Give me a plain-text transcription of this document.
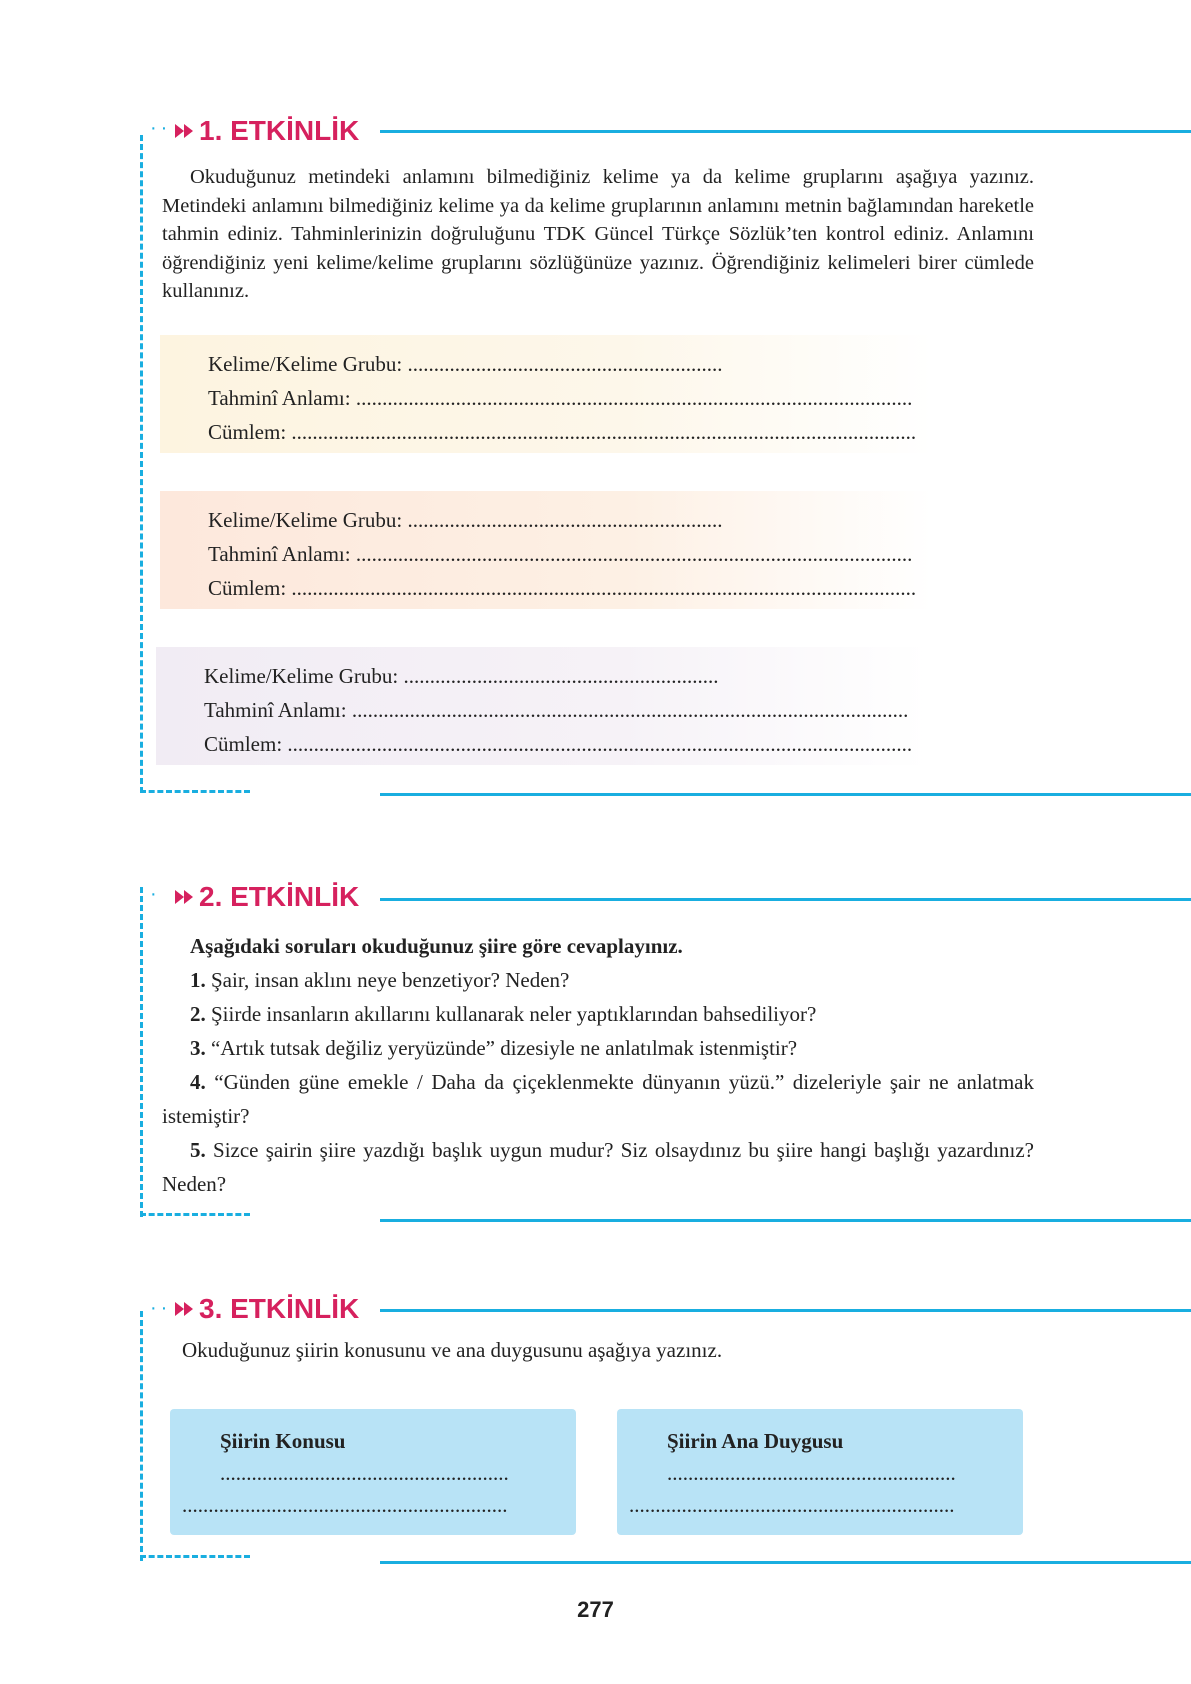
·· 1. ETKİNLİK
Okuduğunuz metindeki anlamını bilmediğiniz kelime ya da kelime gruplarını aşağıya yazınız. Metindeki anlamını bilmediğiniz kelime ya da kelime gruplarının anlamını metnin bağlamından hareketle tahmin ediniz. Tahminlerinizin doğruluğunu TDK Güncel Türkçe Sözlük’ten kontrol ediniz. Anlamını öğrendiğiniz yeni kelime/kelime gruplarını sözlüğünüze yazınız. Öğrendiğiniz kelimeleri birer cümlede kullanınız.
Kelime/Kelime Grubu: ............................................................
Tahminî Anlamı: ..........................................................................................................
Cümlem: .......................................................................................................................
Kelime/Kelime Grubu: ............................................................
Tahminî Anlamı: ..........................................................................................................
Cümlem: .......................................................................................................................
Kelime/Kelime Grubu: ............................................................
Tahminî Anlamı: ..........................................................................................................
Cümlem: .......................................................................................................................
· 2. ETKİNLİK

Aşağıdaki soruları okuduğunuz şiire göre cevaplayınız.

1. Şair, insan aklını neye benzetiyor? Neden?

2. Şiirde insanların akıllarını kullanarak neler yaptıklarından bahsediliyor?

3. “Artık tutsak değiliz yeryüzünde” dizesiyle ne anlatılmak istenmiştir?

4. “Günden güne emekle / Daha da çiçeklenmekte dünyanın yüzü.” dizeleriyle şair ne anlatmak istemiştir?

5. Sizce şairin şiire yazdığı başlık uygun mudur? Siz olsaydınız bu şiire hangi başlığı yazardınız? Neden?

·· 3. ETKİNLİK

Okuduğunuz şiirin konusunu ve ana duygusunu aşağıya yazınız.

Şiirin Konusu
.......................................................
..............................................................
Şiirin Ana Duygusu
.......................................................
..............................................................
277
